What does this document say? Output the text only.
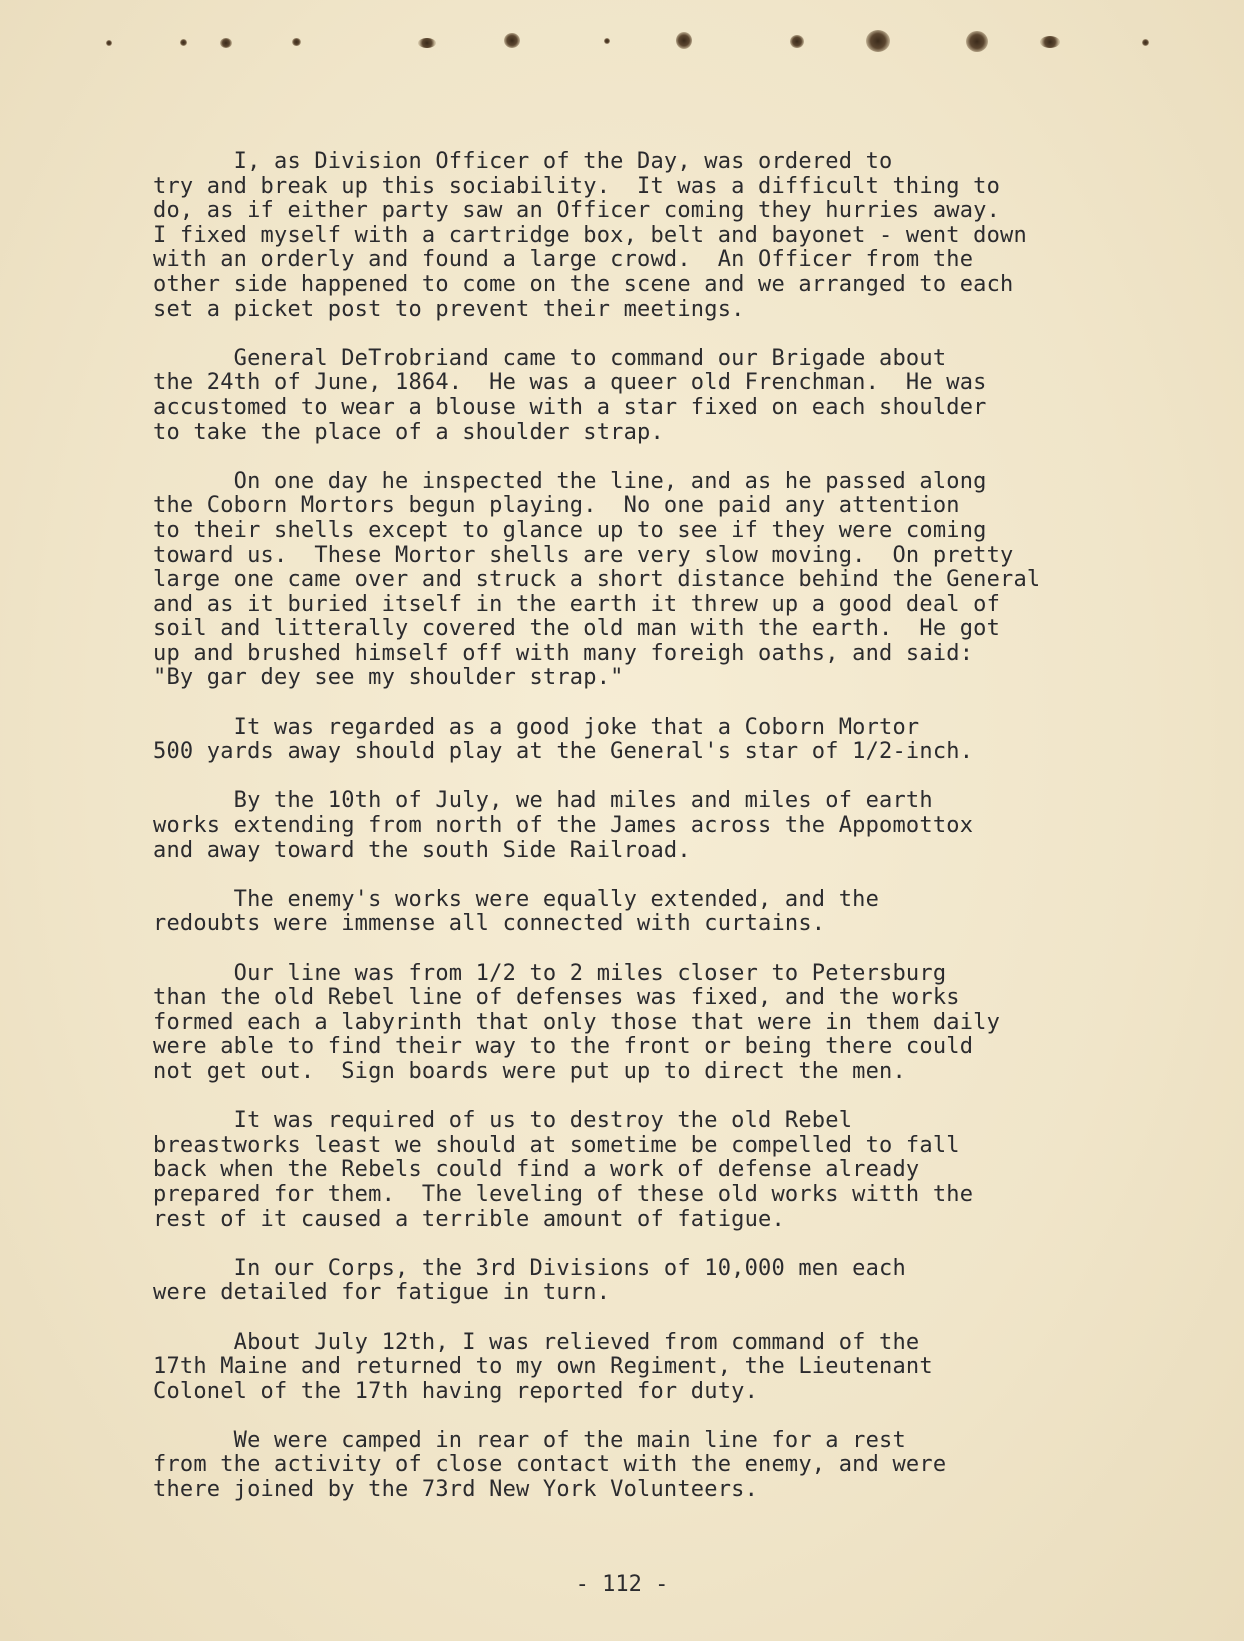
I, as Division Officer of the Day, was ordered to
try and break up this sociability.  It was a difficult thing to
do, as if either party saw an Officer coming they hurries away.
I fixed myself with a cartridge box, belt and bayonet - went down
with an orderly and found a large crowd.  An Officer from the
other side happened to come on the scene and we arranged to each
set a picket post to prevent their meetings.

General DeTrobriand came to command our Brigade about
the 24th of June, 1864.  He was a queer old Frenchman.  He was
accustomed to wear a blouse with a star fixed on each shoulder
to take the place of a shoulder strap.

On one day he inspected the line, and as he passed along
the Coborn Mortors begun playing.  No one paid any attention
to their shells except to glance up to see if they were coming
toward us.  These Mortor shells are very slow moving.  On pretty
large one came over and struck a short distance behind the General
and as it buried itself in the earth it threw up a good deal of
soil and litterally covered the old man with the earth.  He got
up and brushed himself off with many foreigh oaths, and said:
"By gar dey see my shoulder strap."

It was regarded as a good joke that a Coborn Mortor
500 yards away should play at the General's star of 1/2-inch.

By the 10th of July, we had miles and miles of earth
works extending from north of the James across the Appomottox
and away toward the south Side Railroad.

The enemy's works were equally extended, and the
redoubts were immense all connected with curtains.

Our line was from 1/2 to 2 miles closer to Petersburg
than the old Rebel line of defenses was fixed, and the works
formed each a labyrinth that only those that were in them daily
were able to find their way to the front or being there could
not get out.  Sign boards were put up to direct the men.

It was required of us to destroy the old Rebel
breastworks least we should at sometime be compelled to fall
back when the Rebels could find a work of defense already
prepared for them.  The leveling of these old works witth the
rest of it caused a terrible amount of fatigue.

In our Corps, the 3rd Divisions of 10,000 men each
were detailed for fatigue in turn.

About July 12th, I was relieved from command of the
17th Maine and returned to my own Regiment, the Lieutenant
Colonel of the 17th having reported for duty.

We were camped in rear of the main line for a rest
from the activity of close contact with the enemy, and were
there joined by the 73rd New York Volunteers.

- 112 -
